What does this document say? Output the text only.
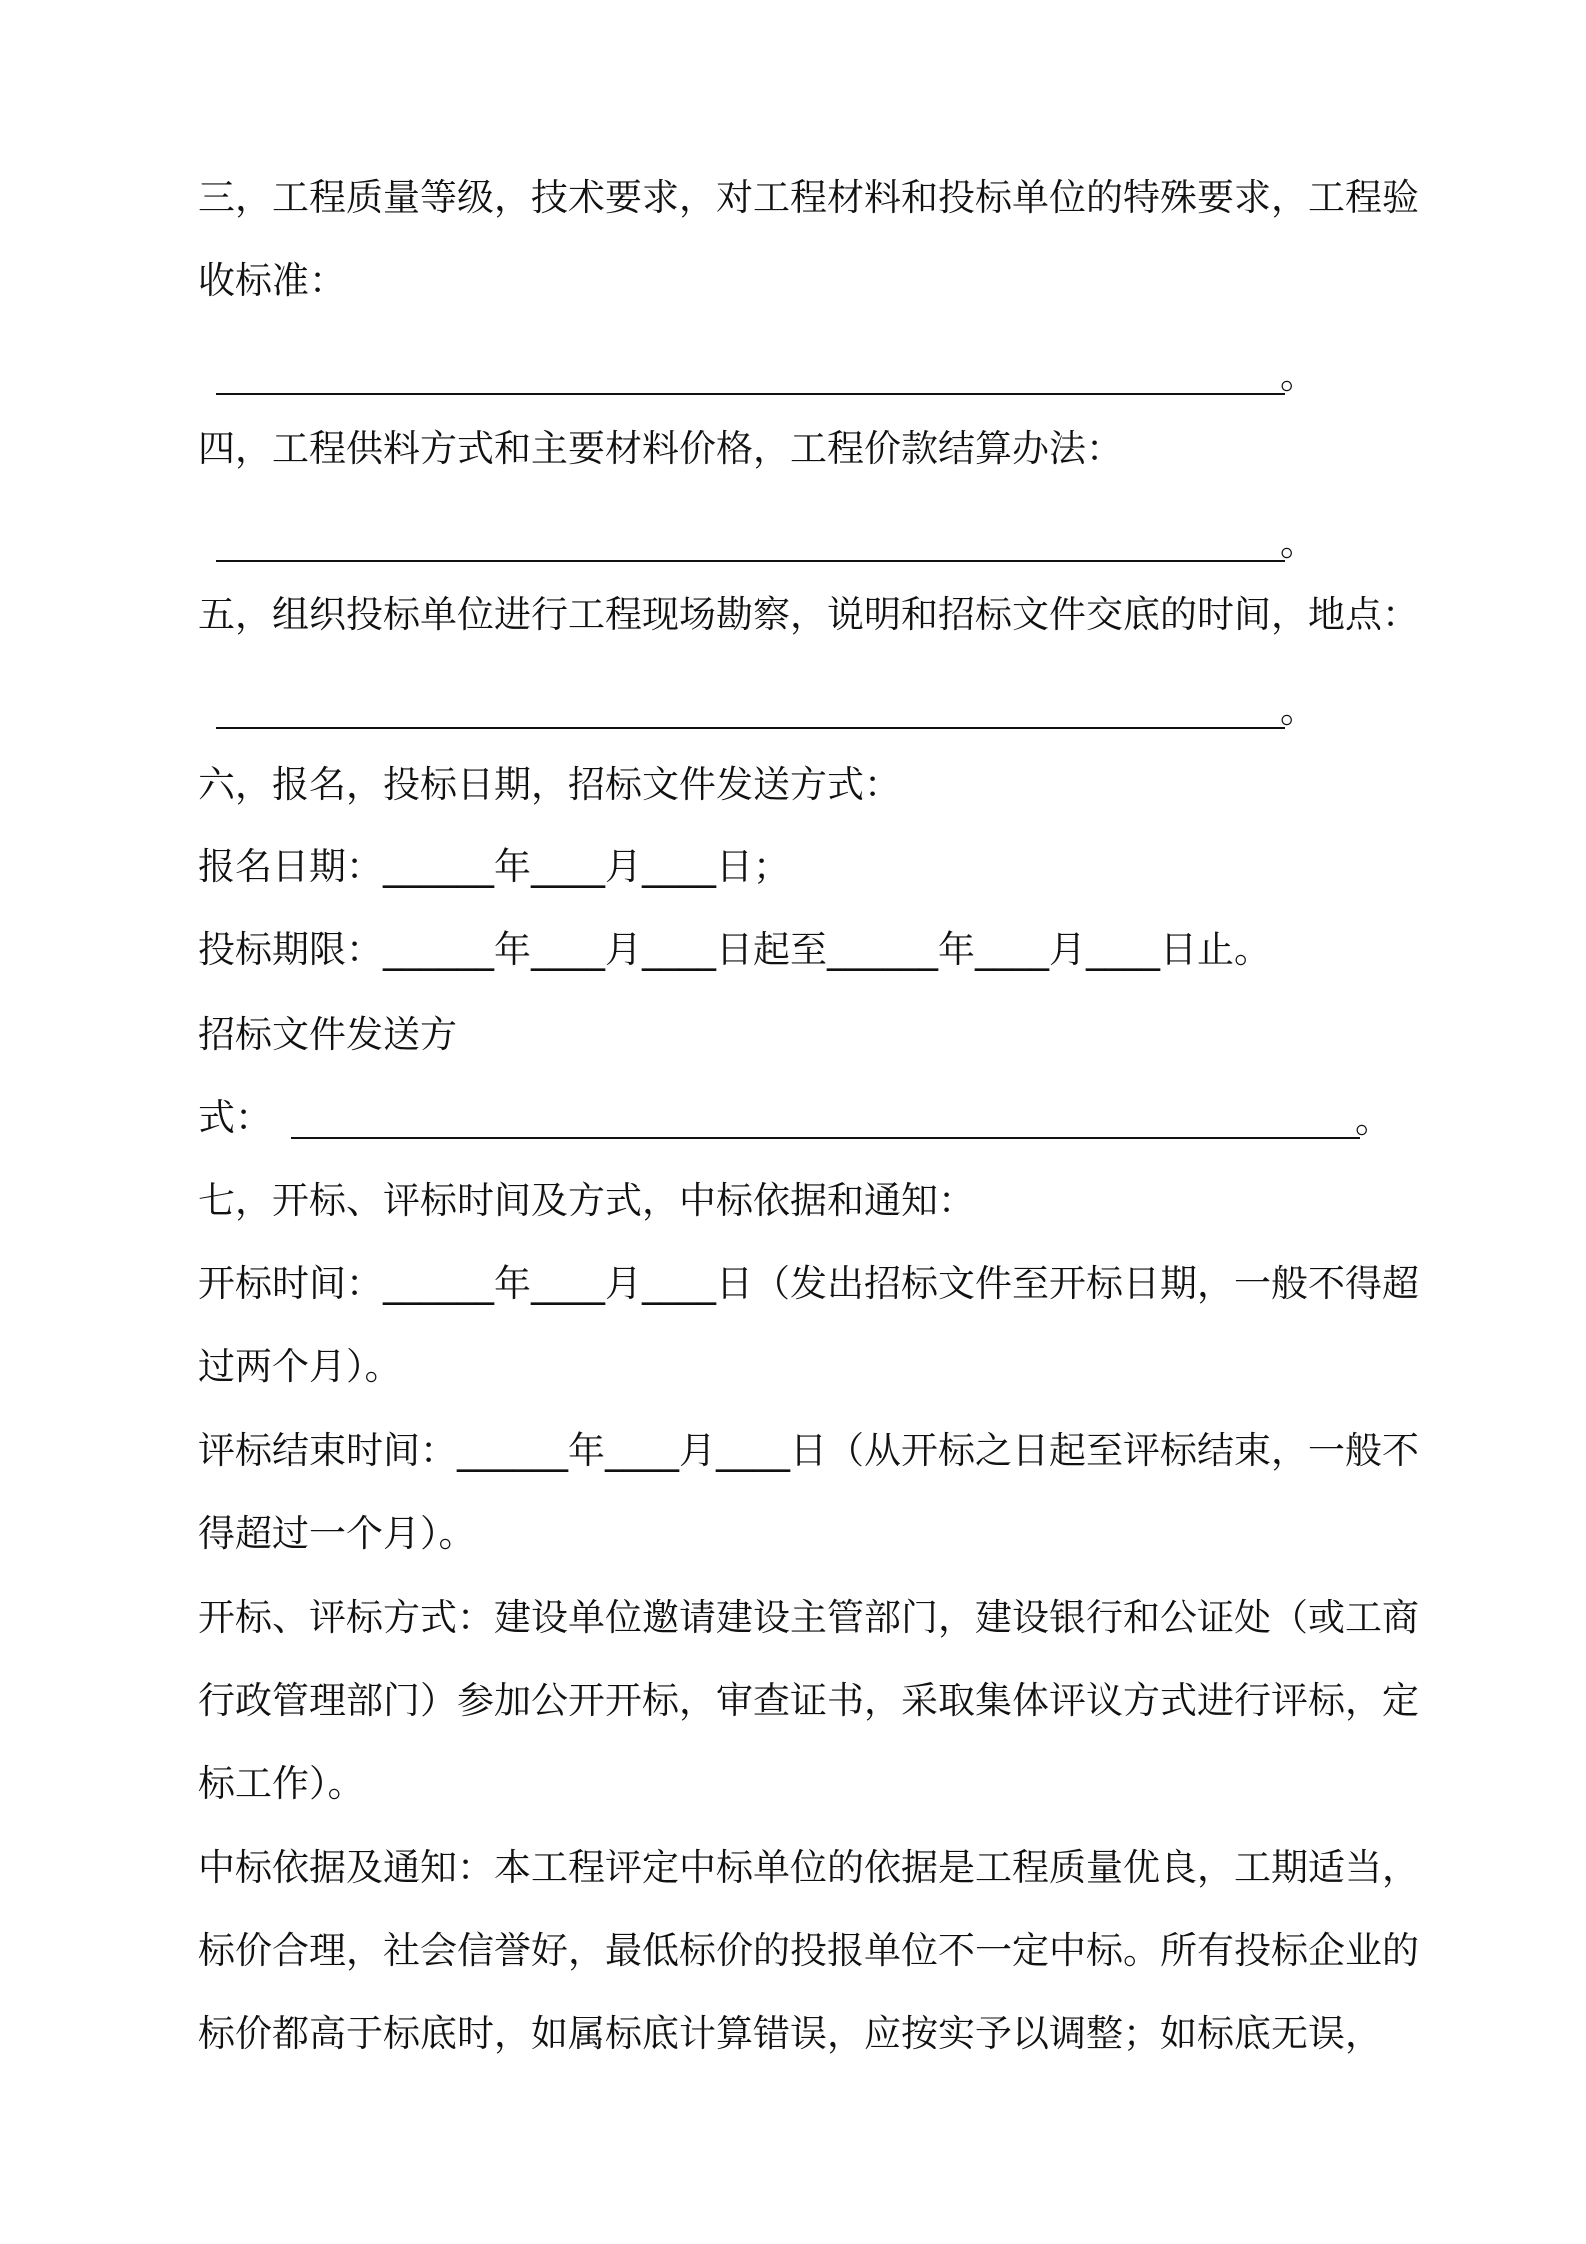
三，工程质量等级，技术要求，对工程材料和投标单位的特殊要求，工程验收标准：
。
四，工程供料方式和主要材料价格，工程价款结算办法：
。
五，组织投标单位进行工程现场勘察，说明和招标文件交底的时间，地点：
。
六，报名，投标日期，招标文件发送方式：
报名日期：______年____月____日；
投标期限：______年____月____日起至______年____月____日止。
招标文件发送方
式：	。
七，开标、评标时间及方式，中标依据和通知：
开标时间：______年____月____日（发出招标文件至开标日期，一般不得超过两个月）。
评标结束时间：______年____月____日（从开标之日起至评标结束，一般不得超过一个月）。
开标、评标方式：建设单位邀请建设主管部门，建设银行和公证处（或工商行政管理部门）参加公开开标，审查证书，采取集体评议方式进行评标，定标工作）。
中标依据及通知：本工程评定中标单位的依据是工程质量优良，工期适当，标价合理，社会信誉好，最低标价的投报单位不一定中标。所有投标企业的标价都高于标底时，如属标底计算错误，应按实予以调整；如标底无误，
